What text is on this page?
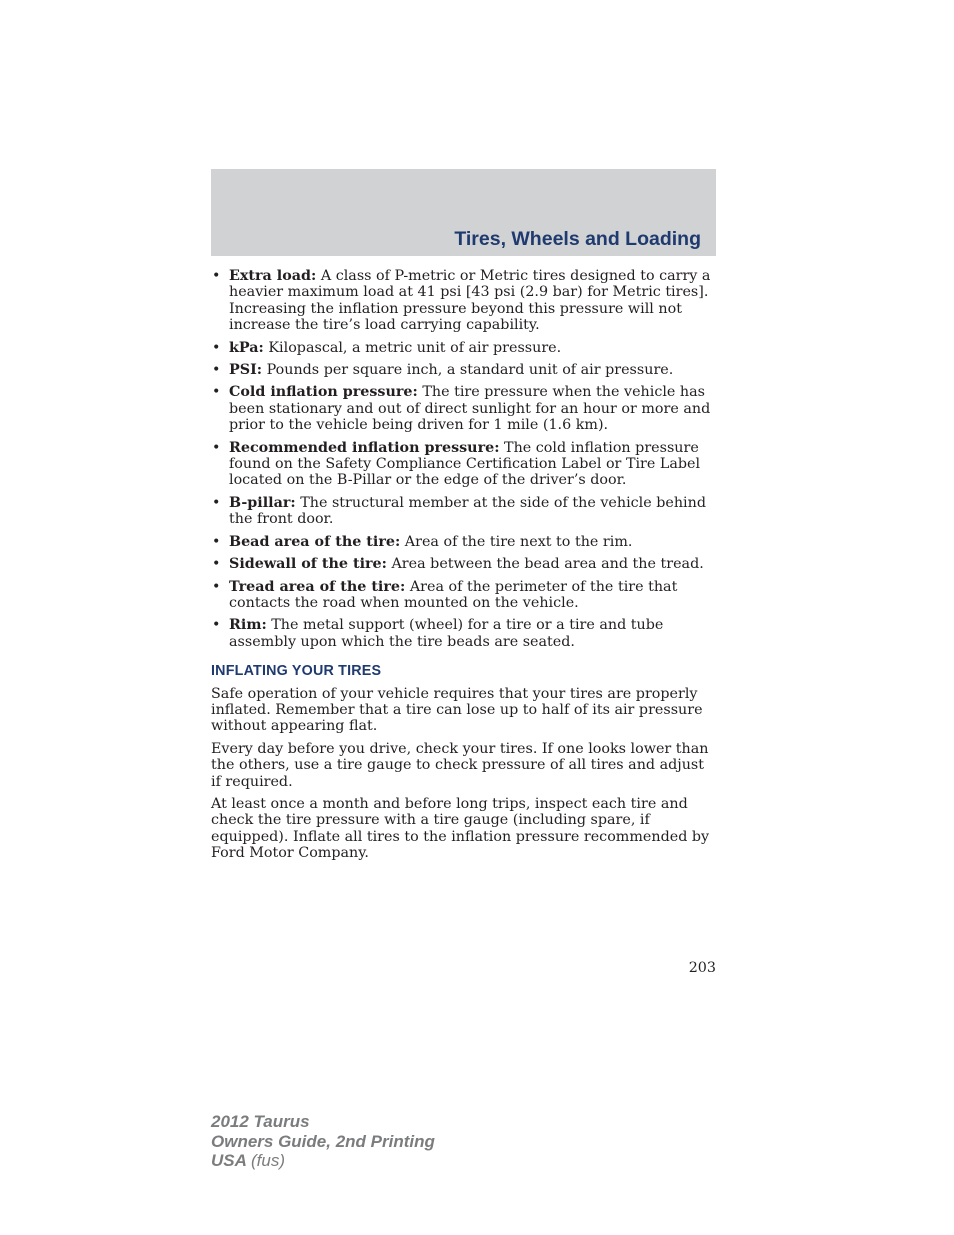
Tires, Wheels and Loading
• Extra load: A class of P-metric or Metric tires designed to carry a heavier maximum load at 41 psi [43 psi (2.9 bar) for Metric tires]. Increasing the inflation pressure beyond this pressure will not increase the tire’s load carrying capability.
• kPa: Kilopascal, a metric unit of air pressure.
• PSI: Pounds per square inch, a standard unit of air pressure.
• Cold inflation pressure: The tire pressure when the vehicle has been stationary and out of direct sunlight for an hour or more and prior to the vehicle being driven for 1 mile (1.6 km).
• Recommended inflation pressure: The cold inflation pressure found on the Safety Compliance Certification Label or Tire Label located on the B-Pillar or the edge of the driver’s door.
• B-pillar: The structural member at the side of the vehicle behind the front door.
• Bead area of the tire: Area of the tire next to the rim.
• Sidewall of the tire: Area between the bead area and the tread.
• Tread area of the tire: Area of the perimeter of the tire that contacts the road when mounted on the vehicle.
• Rim: The metal support (wheel) for a tire or a tire and tube assembly upon which the tire beads are seated.
INFLATING YOUR TIRES

Safe operation of your vehicle requires that your tires are properly inflated. Remember that a tire can lose up to half of its air pressure without appearing flat.

Every day before you drive, check your tires. If one looks lower than the others, use a tire gauge to check pressure of all tires and adjust if required.

At least once a month and before long trips, inspect each tire and check the tire pressure with a tire gauge (including spare, if equipped). Inflate all tires to the inflation pressure recommended by Ford Motor Company.

203
2012 Taurus
Owners Guide, 2nd Printing
USA (fus)
